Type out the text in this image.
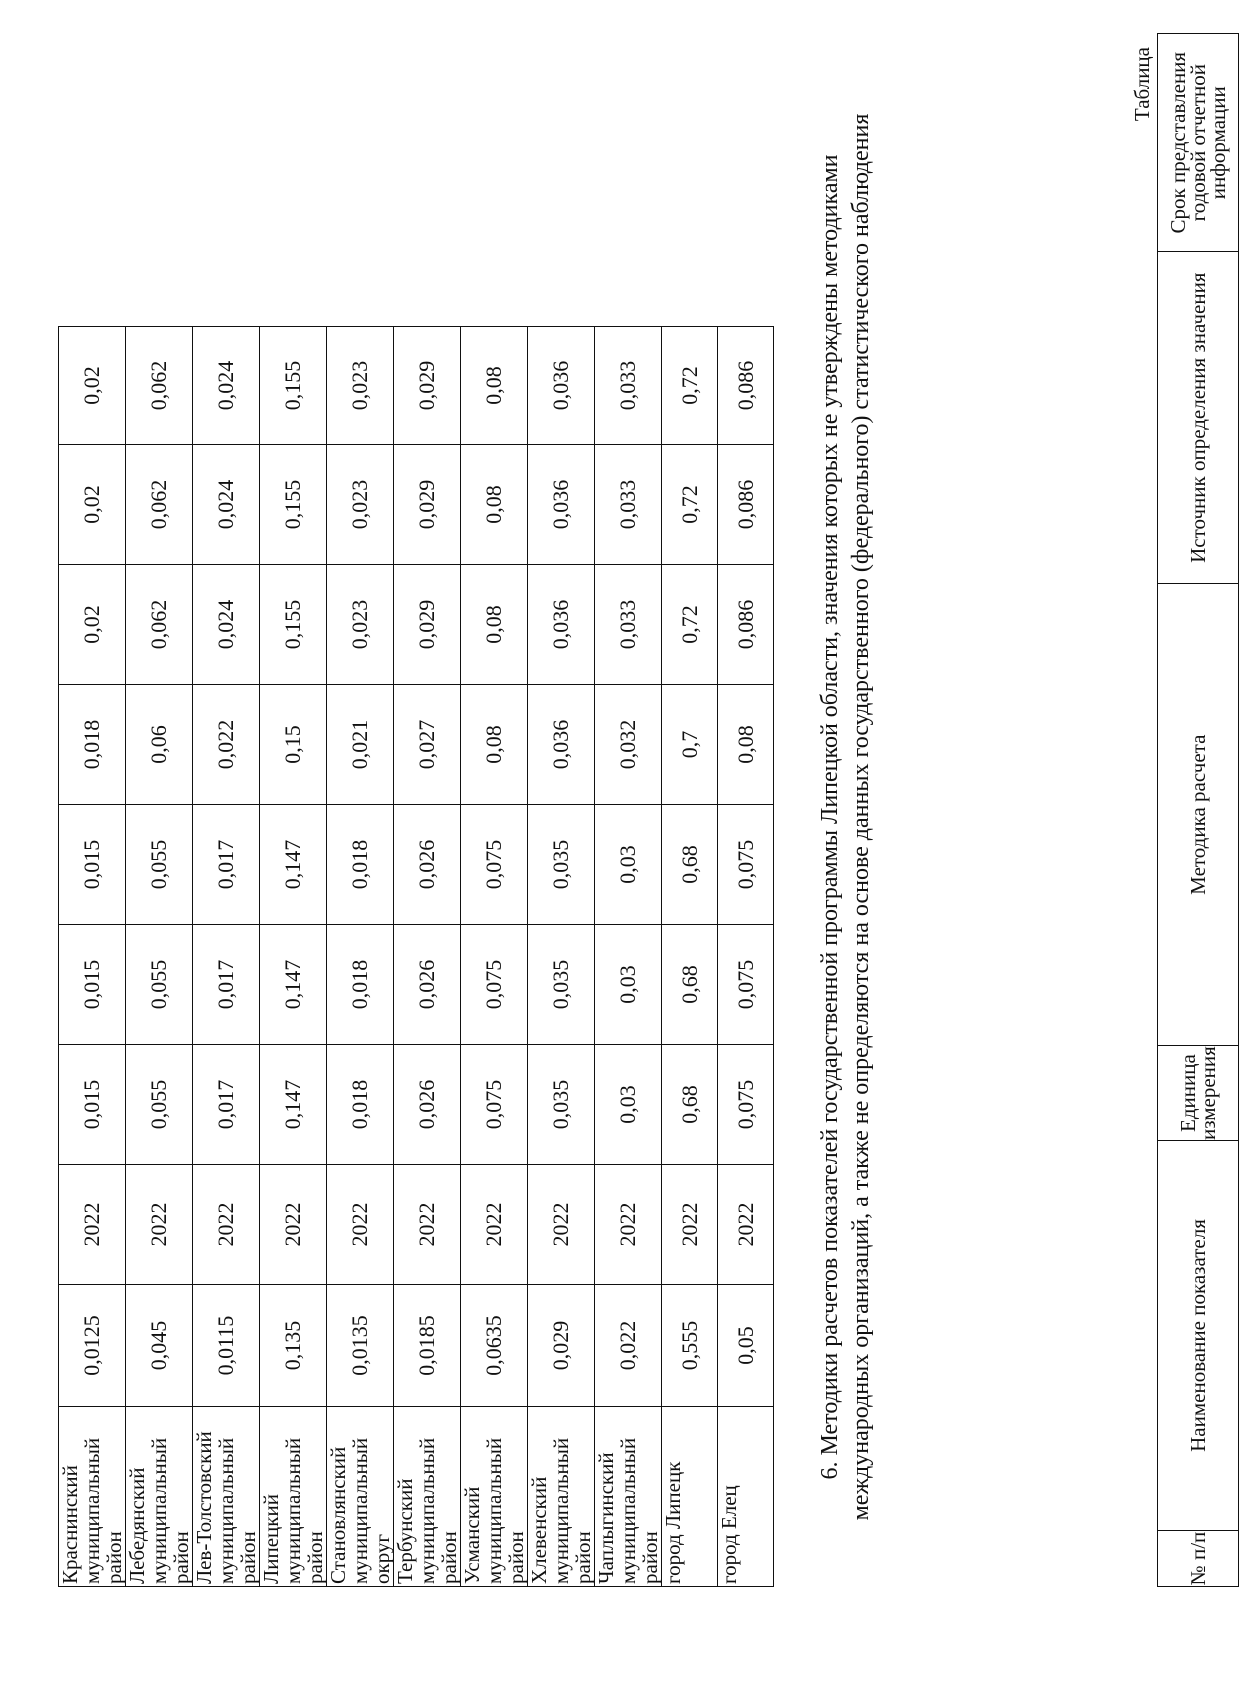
Краснинский муниципальный район	0,0125	2022	0,015	0,015	0,015	0,018	0,02	0,02	0,02
Лебедянский муниципальный район	0,045	2022	0,055	0,055	0,055	0,06	0,062	0,062	0,062
Лев-Толстовский муниципальный район	0,0115	2022	0,017	0,017	0,017	0,022	0,024	0,024	0,024
Липецкий муниципальный район	0,135	2022	0,147	0,147	0,147	0,15	0,155	0,155	0,155
Становлянский муниципальный округ	0,0135	2022	0,018	0,018	0,018	0,021	0,023	0,023	0,023
Тербунский муниципальный район	0,0185	2022	0,026	0,026	0,026	0,027	0,029	0,029	0,029
Усманский муниципальный район	0,0635	2022	0,075	0,075	0,075	0,08	0,08	0,08	0,08
Хлевенский муниципальный район	0,029	2022	0,035	0,035	0,035	0,036	0,036	0,036	0,036
Чаплыгинский муниципальный район	0,022	2022	0,03	0,03	0,03	0,032	0,033	0,033	0,033
город Липецк	0,555	2022	0,68	0,68	0,68	0,7	0,72	0,72	0,72
город Елец	0,05	2022	0,075	0,075	0,075	0,08	0,086	0,086	0,086 6. Методики расчетов показателей государственной программы Липецкой области, значения которых не утверждены методиками международных организаций, а также не определяются на основе данных государственного (федерального) статистического наблюдения
Таблица
№ п/п	Наименование показателя	Единица измерения	Методика расчета	Источник определения значения	Срок представления годовой отчетной информации
